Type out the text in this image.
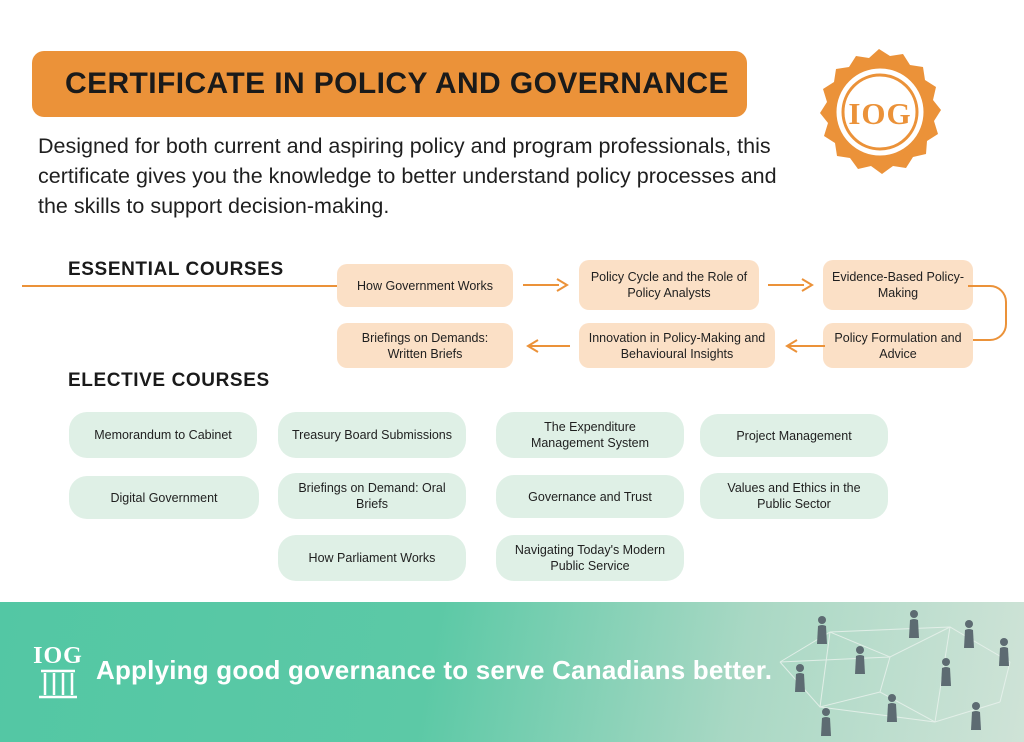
CERTIFICATE IN POLICY AND GOVERNANCE
Designed for both current and aspiring policy and program professionals, this certificate gives you the knowledge to better understand policy processes and the skills to support decision-making.
IOG
ESSENTIAL COURSES
How Government Works
Policy Cycle and the Role of Policy Analysts
Evidence-Based Policy-Making
Policy Formulation and Advice
Innovation in Policy-Making and Behavioural Insights
Briefings on Demands: Written Briefs
ELECTIVE COURSES
Memorandum to Cabinet	Treasury Board Submissions
The Expenditure Management System
Project Management
Digital Government
Briefings on Demand: Oral Briefs
Governance and Trust
Values and Ethics in the Public Sector
How Parliament Works
Navigating Today's Modern Public Service
IOG Applying good governance to serve Canadians better.
